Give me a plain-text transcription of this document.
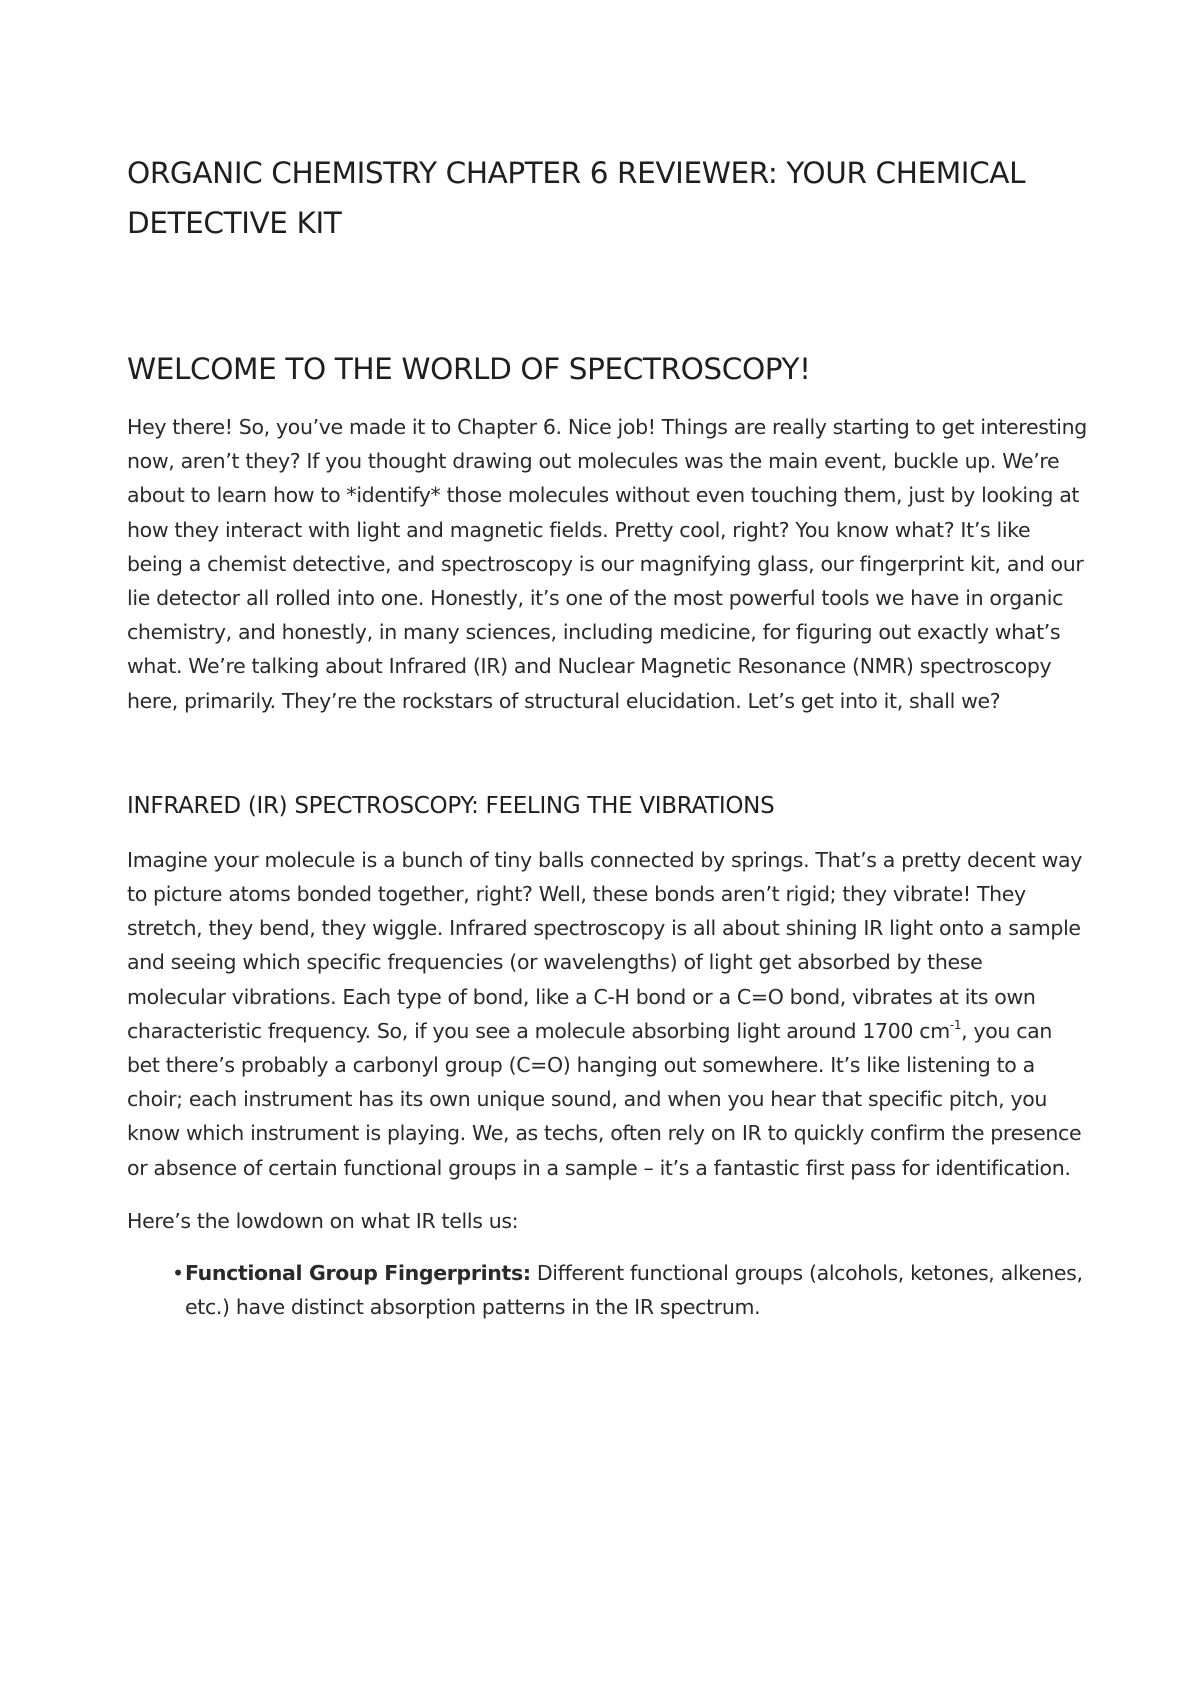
ORGANIC CHEMISTRY CHAPTER 6 REVIEWER: YOUR CHEMICAL DETECTIVE KIT
WELCOME TO THE WORLD OF SPECTROSCOPY!

Hey there! So, you’ve made it to Chapter 6. Nice job! Things are really starting to get interesting now, aren’t they? If you thought drawing out molecules was the main event, buckle up. We’re about to learn how to *identify* those molecules without even touching them, just by looking at how they interact with light and magnetic fields. Pretty cool, right? You know what? It’s like being a chemist detective, and spectroscopy is our magnifying glass, our fingerprint kit, and our lie detector all rolled into one. Honestly, it’s one of the most powerful tools we have in organic chemistry, and honestly, in many sciences, including medicine, for figuring out exactly what’s what. We’re talking about Infrared (IR) and Nuclear Magnetic Resonance (NMR) spectroscopy here, primarily. They’re the rockstars of structural elucidation. Let’s get into it, shall we?

INFRARED (IR) SPECTROSCOPY: FEELING THE VIBRATIONS

Imagine your molecule is a bunch of tiny balls connected by springs. That’s a pretty decent way to picture atoms bonded together, right? Well, these bonds aren’t rigid; they vibrate! They stretch, they bend, they wiggle. Infrared spectroscopy is all about shining IR light onto a sample and seeing which specific frequencies (or wavelengths) of light get absorbed by these molecular vibrations. Each type of bond, like a C-H bond or a C=O bond, vibrates at its own characteristic frequency. So, if you see a molecule absorbing light around 1700 $cm^{-1}$, you can bet there’s probably a carbonyl group (C=O) hanging out somewhere. It’s like listening to a choir; each instrument has its own unique sound, and when you hear that specific pitch, you know which instrument is playing. We, as techs, often rely on IR to quickly confirm the presence or absence of certain functional groups in a sample – it’s a fantastic first pass for identification.

Here’s the lowdown on what IR tells us:

• Functional Group Fingerprints: Different functional groups (alcohols, ketones, alkenes, etc.) have distinct absorption patterns in the IR spectrum.
